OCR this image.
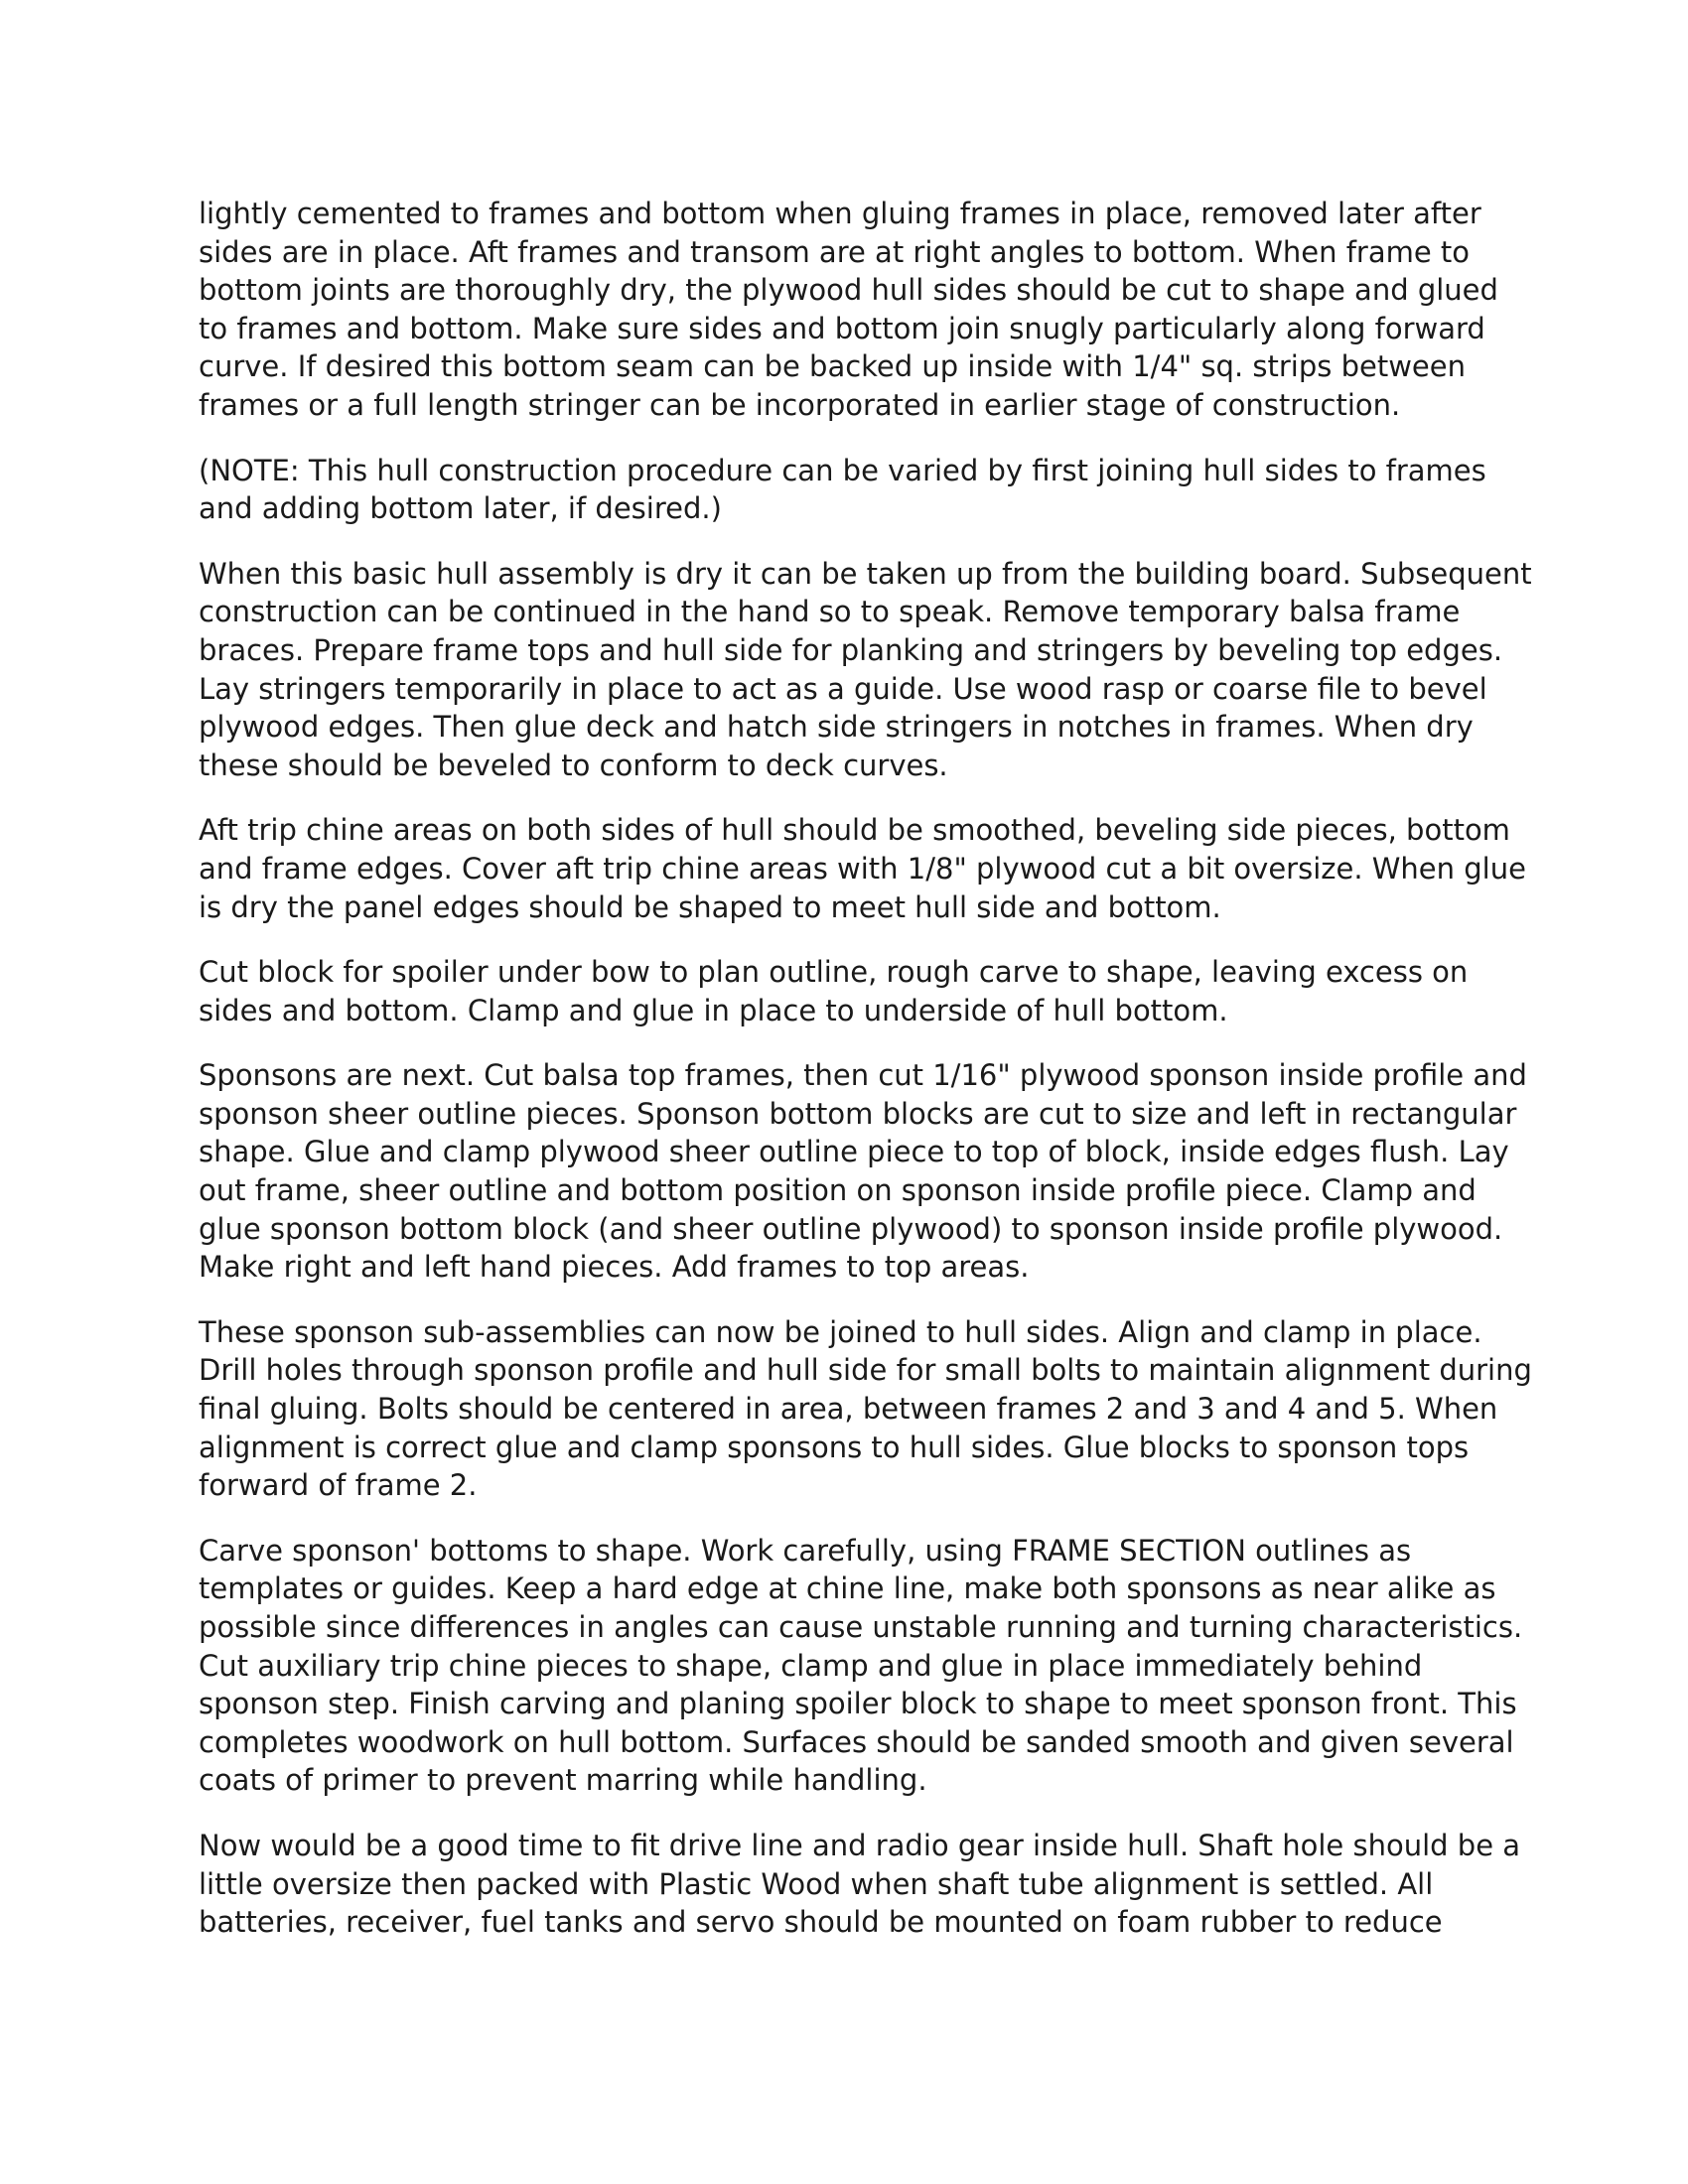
lightly cemented to frames and bottom when gluing frames in place, removed later after
sides are in place. Aft frames and transom are at right angles to bottom. When frame to
bottom joints are thoroughly dry, the plywood hull sides should be cut to shape and glued
to frames and bottom. Make sure sides and bottom join snugly particularly along forward
curve. If desired this bottom seam can be backed up inside with 1/4" sq. strips between
frames or a full length stringer can be incorporated in earlier stage of construction.
(NOTE: This hull construction procedure can be varied by first joining hull sides to frames
and adding bottom later, if desired.)
When this basic hull assembly is dry it can be taken up from the building board. Subsequent
construction can be continued in the hand so to speak. Remove temporary balsa frame
braces. Prepare frame tops and hull side for planking and stringers by beveling top edges.
Lay stringers temporarily in place to act as a guide. Use wood rasp or coarse file to bevel
plywood edges. Then glue deck and hatch side stringers in notches in frames. When dry
these should be beveled to conform to deck curves.
Aft trip chine areas on both sides of hull should be smoothed, beveling side pieces, bottom
and frame edges. Cover aft trip chine areas with 1/8" plywood cut a bit oversize. When glue
is dry the panel edges should be shaped to meet hull side and bottom.
Cut block for spoiler under bow to plan outline, rough carve to shape, leaving excess on
sides and bottom. Clamp and glue in place to underside of hull bottom.
Sponsons are next. Cut balsa top frames, then cut 1/16" plywood sponson inside profile and
sponson sheer outline pieces. Sponson bottom blocks are cut to size and left in rectangular
shape. Glue and clamp plywood sheer outline piece to top of block, inside edges flush. Lay
out frame, sheer outline and bottom position on sponson inside profile piece. Clamp and
glue sponson bottom block (and sheer outline plywood) to sponson inside profile plywood.
Make right and left hand pieces. Add frames to top areas.
These sponson sub-assemblies can now be joined to hull sides. Align and clamp in place.
Drill holes through sponson profile and hull side for small bolts to maintain alignment during
final gluing. Bolts should be centered in area, between frames 2 and 3 and 4 and 5. When
alignment is correct glue and clamp sponsons to hull sides. Glue blocks to sponson tops
forward of frame 2.
Carve sponson' bottoms to shape. Work carefully, using FRAME SECTION outlines as
templates or guides. Keep a hard edge at chine line, make both sponsons as near alike as
possible since differences in angles can cause unstable running and turning characteristics.
Cut auxiliary trip chine pieces to shape, clamp and glue in place immediately behind
sponson step. Finish carving and planing spoiler block to shape to meet sponson front. This
completes woodwork on hull bottom. Surfaces should be sanded smooth and given several
coats of primer to prevent marring while handling.
Now would be a good time to fit drive line and radio gear inside hull. Shaft hole should be a
little oversize then packed with Plastic Wood when shaft tube alignment is settled. All
batteries, receiver, fuel tanks and servo should be mounted on foam rubber to reduce
